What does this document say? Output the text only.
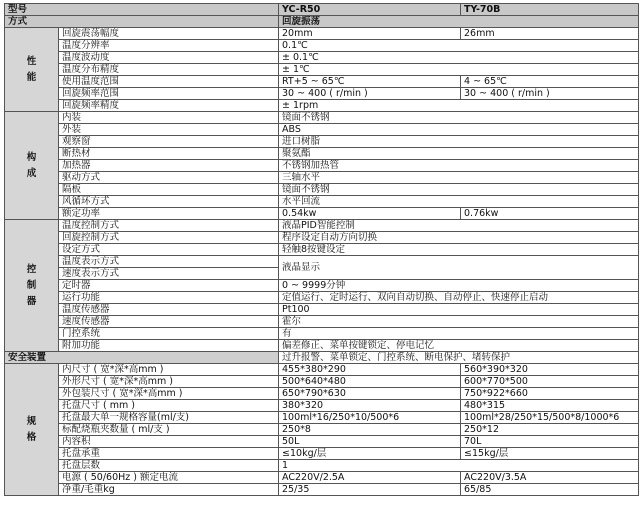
型号		YC-R50	TY-70B
方式		回旋振荡	

性
能	回旋震荡幅度	20mm	26mm
	温度分辨率	0.1℃	
	温度波动度	± 0.1℃	
	温度分布精度	± 1℃	
	使用温度范围	RT+5 ~ 65℃	4 ~ 65℃
	回旋频率范围	30 ~ 400 ( r/min )	30 ~ 400 ( r/min )
	回旋频率精度	± 1rpm	

构
成	内装	镜面不锈钢	
	外装	ABS	
	观察窗	进口树脂	
	断热材	聚氨酯	
	加热器	不锈钢加热管	
	驱动方式	三轴水平	
	隔板	镜面不锈钢	
	风循环方式	水平回流	
	额定功率	0.54kw	0.76kw

控
制
器	温度控制方式	液晶PID智能控制	
	回旋控制方式	程序设定自动方向切换	
	设定方式	轻触8按键设定	
	温度表示方式	液晶显示	
	速度表示方式		
	定时器	0 ~ 9999分钟	
	运行功能	定值运行、定时运行、双向自动切换、自动停止、快速停止启动	
	温度传感器	Pt100	
	速度传感器	霍尔	
	门控系统	有	
	附加功能	偏差修正、菜单按键锁定、停电记忆	
安全装置		过升报警、菜单锁定、门控系统、断电保护、堵转保护	

规
格	内尺寸 ( 宽*深*高mm )	455*380*290	560*390*320
	外形尺寸 ( 宽*深*高mm )	500*640*480	600*770*500
	外包装尺寸 ( 宽*深*高mm )	650*790*630	750*922*660
	托盘尺寸 ( mm )	380*320	480*315
	托盘最大单一规格容量(ml/支)	100ml*16/250*10/500*6	100ml*28/250*15/500*8/1000*6
	标配烧瓶夹数量 ( ml/支 )	250*8	250*12
	内容积	50L	70L
	托盘承重	≤10kg/层	≤15kg/层
	托盘层数	1	
	电源 ( 50/60Hz ) 额定电流	AC220V/2.5A	AC220V/3.5A
	净重/毛重kg	25/35	65/85
